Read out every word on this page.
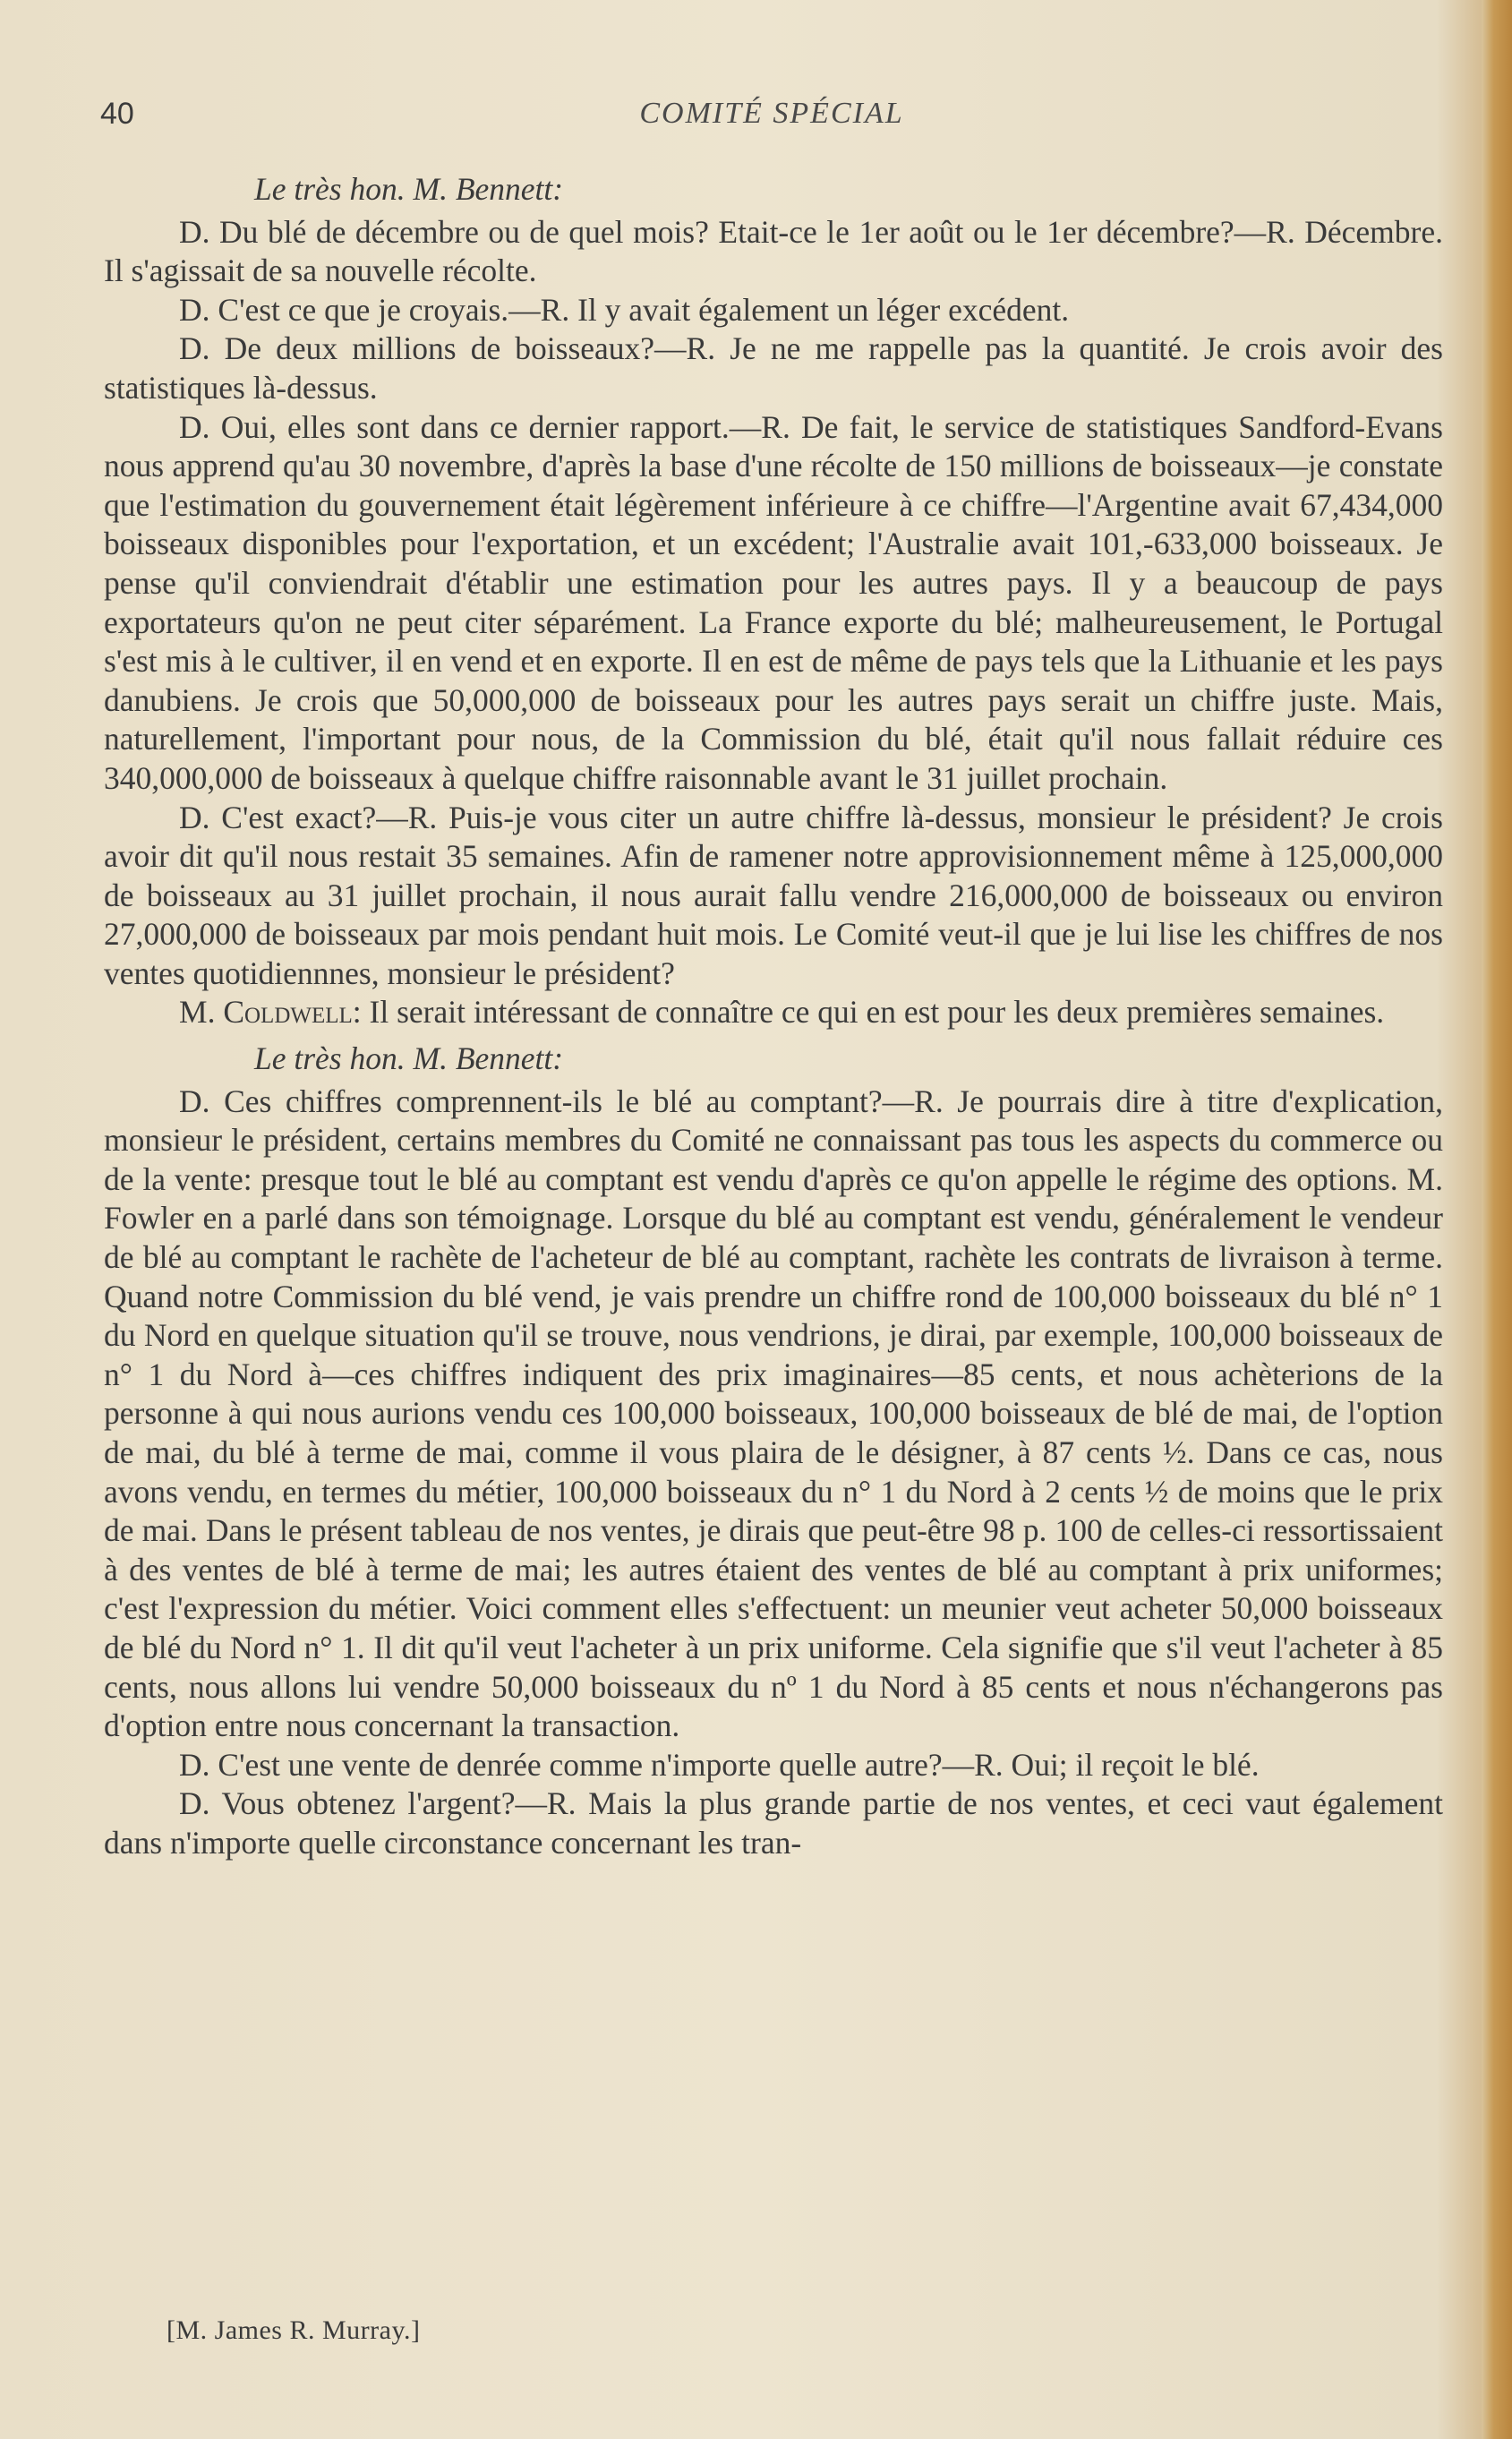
40	COMITÉ SPÉCIAL

Le très hon. M. Bennett:

D. Du blé de décembre ou de quel mois? Etait-ce le 1er août ou le 1er décembre?—R. Décembre. Il s'agissait de sa nouvelle récolte.

D. C'est ce que je croyais.—R. Il y avait également un léger excédent.

D. De deux millions de boisseaux?—R. Je ne me rappelle pas la quantité. Je crois avoir des statistiques là-dessus.

D. Oui, elles sont dans ce dernier rapport.—R. De fait, le service de statistiques Sandford-Evans nous apprend qu'au 30 novembre, d'après la base d'une récolte de 150 millions de boisseaux—je constate que l'estimation du gouvernement était légèrement inférieure à ce chiffre—l'Argentine avait 67,434,000 boisseaux disponibles pour l'exportation, et un excédent; l'Australie avait 101,-633,000 boisseaux. Je pense qu'il conviendrait d'établir une estimation pour les autres pays. Il y a beaucoup de pays exportateurs qu'on ne peut citer séparément. La France exporte du blé; malheureusement, le Portugal s'est mis à le cultiver, il en vend et en exporte. Il en est de même de pays tels que la Lithuanie et les pays danubiens. Je crois que 50,000,000 de boisseaux pour les autres pays serait un chiffre juste. Mais, naturellement, l'important pour nous, de la Commission du blé, était qu'il nous fallait réduire ces 340,000,000 de boisseaux à quelque chiffre raisonnable avant le 31 juillet prochain.

D. C'est exact?—R. Puis-je vous citer un autre chiffre là-dessus, monsieur le président? Je crois avoir dit qu'il nous restait 35 semaines. Afin de ramener notre approvisionnement même à 125,000,000 de boisseaux au 31 juillet prochain, il nous aurait fallu vendre 216,000,000 de boisseaux ou environ 27,000,000 de boisseaux par mois pendant huit mois. Le Comité veut-il que je lui lise les chiffres de nos ventes quotidiennnes, monsieur le président?

M. Coldwell: Il serait intéressant de connaître ce qui en est pour les deux premières semaines.

Le très hon. M. Bennett:

D. Ces chiffres comprennent-ils le blé au comptant?—R. Je pourrais dire à titre d'explication, monsieur le président, certains membres du Comité ne connaissant pas tous les aspects du commerce ou de la vente: presque tout le blé au comptant est vendu d'après ce qu'on appelle le régime des options. M. Fowler en a parlé dans son témoignage. Lorsque du blé au comptant est vendu, généralement le vendeur de blé au comptant le rachète de l'acheteur de blé au comptant, rachète les contrats de livraison à terme. Quand notre Commission du blé vend, je vais prendre un chiffre rond de 100,000 boisseaux du blé n° 1 du Nord en quelque situation qu'il se trouve, nous vendrions, je dirai, par exemple, 100,000 boisseaux de n° 1 du Nord à—ces chiffres indiquent des prix imaginaires—85 cents, et nous achèterions de la personne à qui nous aurions vendu ces 100,000 boisseaux, 100,000 boisseaux de blé de mai, de l'option de mai, du blé à terme de mai, comme il vous plaira de le désigner, à 87 cents ½. Dans ce cas, nous avons vendu, en termes du métier, 100,000 boisseaux du n° 1 du Nord à 2 cents ½ de moins que le prix de mai. Dans le présent tableau de nos ventes, je dirais que peut-être 98 p. 100 de celles-ci ressortissaient à des ventes de blé à terme de mai; les autres étaient des ventes de blé au comptant à prix uniformes; c'est l'expression du métier. Voici comment elles s'effectuent: un meunier veut acheter 50,000 boisseaux de blé du Nord n° 1. Il dit qu'il veut l'acheter à un prix uniforme. Cela signifie que s'il veut l'acheter à 85 cents, nous allons lui vendre 50,000 boisseaux du nº 1 du Nord à 85 cents et nous n'échangerons pas d'option entre nous concernant la transaction.

D. C'est une vente de denrée comme n'importe quelle autre?—R. Oui; il reçoit le blé.

D. Vous obtenez l'argent?—R. Mais la plus grande partie de nos ventes, et ceci vaut également dans n'importe quelle circonstance concernant les tran-

[M. James R. Murray.]
